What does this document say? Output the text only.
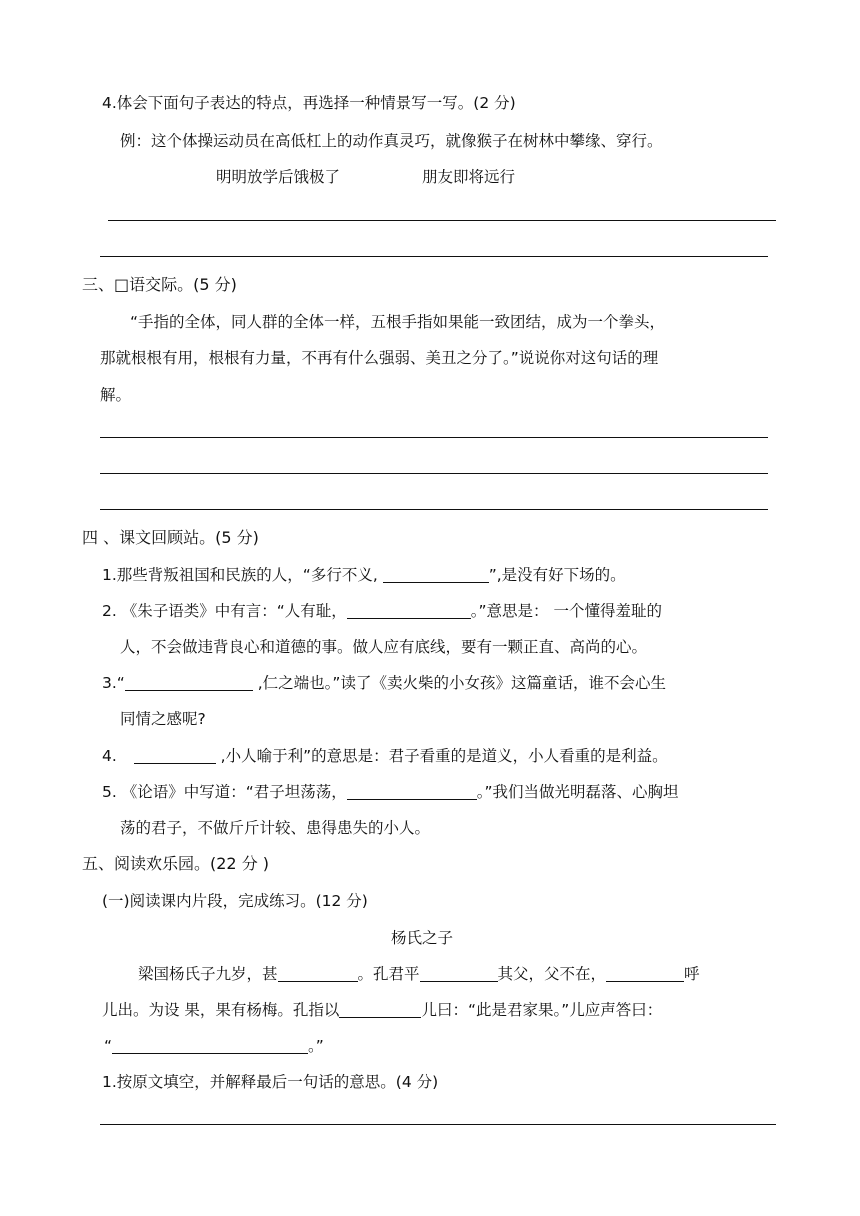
4.体会下面句子表达的特点，再选择一种情景写一写。(2 分)
例：这个体操运动员在高低杠上的动作真灵巧，就像猴子在树林中攀缘、穿行。
明明放学后饿极了	朋友即将远行
三、□语交际。(5 分)
“手指的全体，同人群的全体一样，五根手指如果能一致团结，成为一个拳头，
那就根根有用，根根有力量，不再有什么强弱、美丑之分了。”说说你对这句话的理
解。
四 、课文回顾站。(5 分)
1.那些背叛祖国和民族的人，“多行不义,	”,是没有好下场的。
2. 《朱子语类》中有言：“人有耻，	。”意思是： 一个懂得羞耻的
人，不会做违背良心和道德的事。做人应有底线，要有一颗正直、高尚的心。
3.“	,仁之端也。”读了《卖火柴的小女孩》这篇童话，谁不会心生
同情之感呢?
4.	,小人喻于利”的意思是：君子看重的是道义，小人看重的是利益。
5. 《论语》中写道：“君子坦荡荡，	。”我们当做光明磊落、心胸坦
荡的君子，不做斤斤计较、患得患失的小人。
五、阅读欢乐园。(22 分 )
(一)阅读课内片段，完成练习。(12 分)
杨氏之子
梁国杨氏子九岁，甚	。孔君平	其父，父不在，	呼
儿出。为设 果，果有杨梅。孔指以	儿曰：“此是君家果。”儿应声答曰：
“	。”
1.按原文填空，并解释最后一句话的意思。(4 分)
